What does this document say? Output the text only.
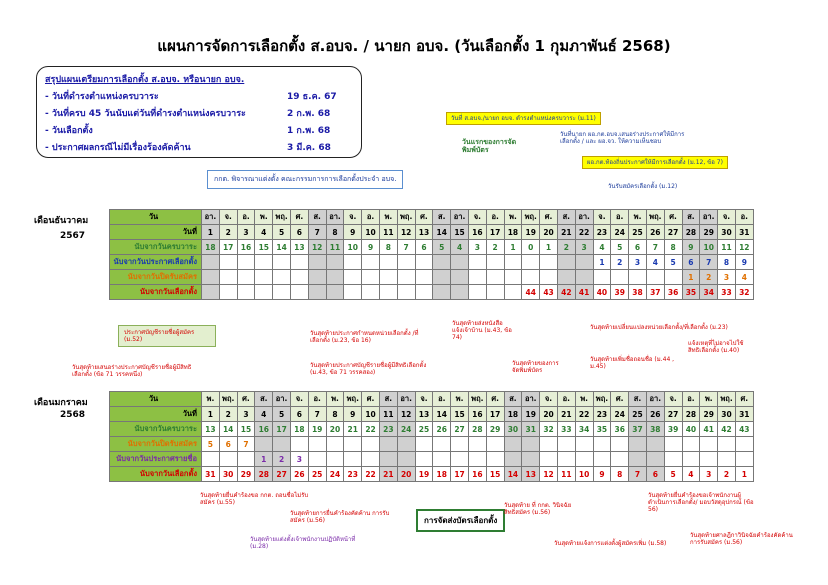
แผนการจัดการเลือกตั้ง ส.อบจ. / นายก อบจ. (วันเลือกตั้ง 1 กุมภาพันธ์ 2568)
สรุปแผนเตรียมการเลือกตั้ง ส.อบจ. หรือนายก อบจ.
- วันที่ดำรงตำแหน่งครบวาระ	19 ธ.ค. 67
- วันที่ครบ 45 วันนับแต่วันที่ดำรงตำแหน่งครบวาระ	2 ก.พ. 68
- วันเลือกตั้ง	1 ก.พ. 68
- ประกาศผลกรณีไม่มีเรื่องร้องคัดค้าน	3 มี.ค. 68
กกต. พิจารณาแต่งตั้ง คณะกรรมการการเลือกตั้งประจำ อบจ.
วันที่ ส.อบจ./นายก อบจ. ดำรงตำแหน่งครบวาระ (ม.11)
วันแรกของการจัดพิมพ์บัตร
วันที่นายก ผอ.กต.อบจ.เสนอร่างประกาศให้มีการเลือกตั้ง / และ ผอ.จว. ให้ความเห็นชอบ
ผอ.กต.ท้องถิ่นประกาศให้มีการเลือกตั้ง (ม.12, ข้อ 7)
วันรับสมัครเลือกตั้ง (ม.12)
เดือนธันวาคม
2567
วัน	อา.	จ.	อ.	พ.	พฤ.	ศ.	ส.	อา.	จ.	อ.	พ.	พฤ.	ศ.	ส.	อา.	จ.	อ.	พ.	พฤ.	ศ.	ส.	อา.	จ.	อ.	พ.	พฤ.	ศ.	ส.	อา.	จ.	อ.	
วันที่	1	2	3	4	5	6	7	8	9	10	11	12	13	14	15	16	17	18	19	20	21	22	23	24	25	26	27	28	29	30	31	
นับจากวันครบวาระ	18	17	16	15	14	13	12	11	10	9	8	7	6	5	4	3	2	1	0	1	2	3	4	5	6	7	8	9	10	11	12	
นับจากวันประกาศเลือกตั้ง																							1	2	3	4	5	6	7	8	9	
นับจากวันปิดรับสมัคร																												1	2	3	4	
นับจากวันเลือกตั้ง																			44	43	42	41	40	39	38	37	36	35	34	33	32	
ประกาศบัญชีรายชื่อผู้สมัคร (ม.52)
วันสุดท้ายเสนอร่างประกาศบัญชีรายชื่อผู้มีสิทธิเลือกตั้ง (ข้อ 71 วรรคหนึ่ง)
วันสุดท้ายประกาศกำหนดหน่วยเลือกตั้ง /ที่เลือกตั้ง (ม.23, ข้อ 16)
วันสุดท้ายประกาศบัญชีรายชื่อผู้มีสิทธิเลือกตั้ง (ม.43, ข้อ 71 วรรคสอง)
วันสุดท้ายส่งหนังสือแจ้งเจ้าบ้าน (ม.43, ข้อ 74)
วันสุดท้ายของการจัดพิมพ์บัตร
วันสุดท้ายเปลี่ยนแปลงหน่วยเลือกตั้ง/ที่เลือกตั้ง (ม.23)
วันสุดท้ายเพิ่มชื่อถอนชื่อ (ม.44 , ม.45)
แจ้งเหตุที่ไม่อาจไปใช้สิทธิเลือกตั้ง (ม.40)
เดือนมกราคม
2568
วัน	พ.	พฤ.	ศ.	ส.	อา.	จ.	อ.	พ.	พฤ.	ศ.	ส.	อา.	จ.	อ.	พ.	พฤ.	ศ.	ส.	อา.	จ.	อ.	พ.	พฤ.	ศ.	ส.	อา.	จ.	อ.	พ.	พฤ.	ศ.
วันที่	1	2	3	4	5	6	7	8	9	10	11	12	13	14	15	16	17	18	19	20	21	22	23	24	25	26	27	28	29	30	31
นับจากวันครบวาระ	13	14	15	16	17	18	19	20	21	22	23	24	25	26	27	28	29	30	31	32	33	34	35	36	37	38	39	40	41	42	43
นับจากวันปิดรับสมัคร	5	6	7																												
นับจากวันประกาศรายชื่อ				1	2	3																									
นับจากวันเลือกตั้ง	31	30	29	28	27	26	25	24	23	22	21	20	19	18	17	16	15	14	13	12	11	10	9	8	7	6	5	4	3	2	1
วันสุดท้ายยื่นคำร้องขอ กกต. ถอนชื่อไม่รับสมัคร (ม.55)
วันสุดท้ายการยื่นคำร้องคัดค้าน การรับสมัคร (ม.56)
วันสุดท้ายแต่งตั้งเจ้าพนักงานปฏิบัติหน้าที่ (ม.28)
การจัดส่งบัตรเลือกตั้ง
วันสุดท้าย ที่ กกต. วินิจฉัยสิทธิสมัคร (ม.56)
วันสุดท้ายแจ้งการแต่งตั้งผู้สมัครเพิ่ม (ม.58)
วันสุดท้ายยื่นคำร้องขอเจ้าพนักงานผู้ดำเนินการเลือกตั้ง/ มอบวัสดุอุปกรณ์ (ข้อ 56)
วันสุดท้ายศาลฎีกาวินิจฉัยคำร้องคัดค้านการรับสมัคร (ม.56)
